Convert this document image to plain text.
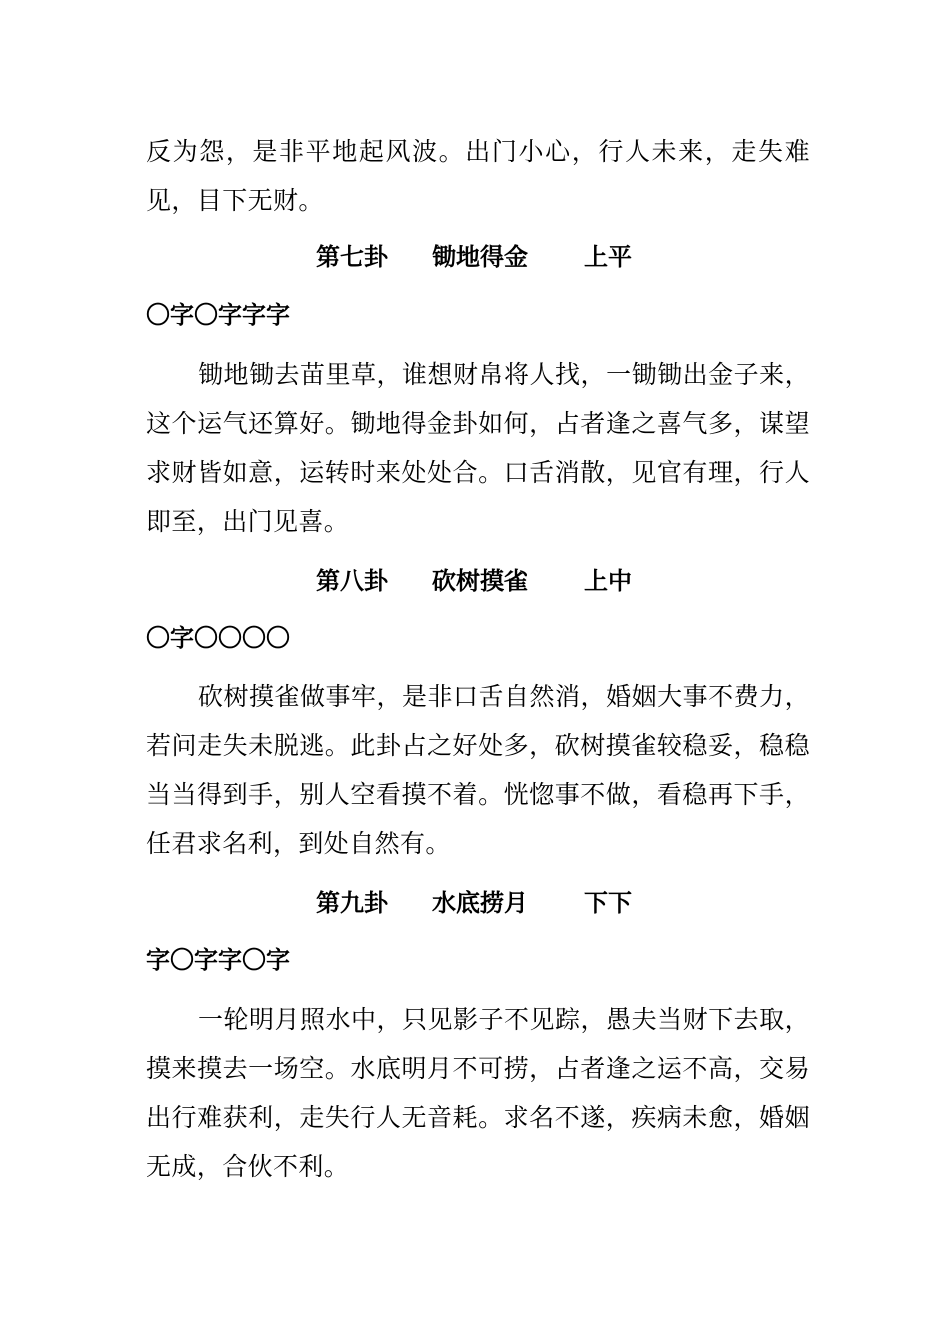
反为怨，是非平地起风波。出门小心，行人未来，走失难见，目下无财。

第七卦 锄地得金 上平
〇字〇字字字

锄地锄去苗里草，谁想财帛将人找，一锄锄出金子来，这个运气还算好。锄地得金卦如何，占者逢之喜气多，谋望求财皆如意，运转时来处处合。口舌消散，见官有理，行人即至，出门见喜。

第八卦 砍树摸雀 上中
〇字〇〇〇〇

砍树摸雀做事牢，是非口舌自然消，婚姻大事不费力，若问走失未脱逃。此卦占之好处多，砍树摸雀较稳妥，稳稳当当得到手，别人空看摸不着。恍惚事不做，看稳再下手，任君求名利，到处自然有。

第九卦 水底捞月 下下
字〇字字〇字

一轮明月照水中，只见影子不见踪，愚夫当财下去取，摸来摸去一场空。水底明月不可捞，占者逢之运不高，交易出行难获利，走失行人无音耗。求名不遂，疾病未愈，婚姻无成，合伙不利。
